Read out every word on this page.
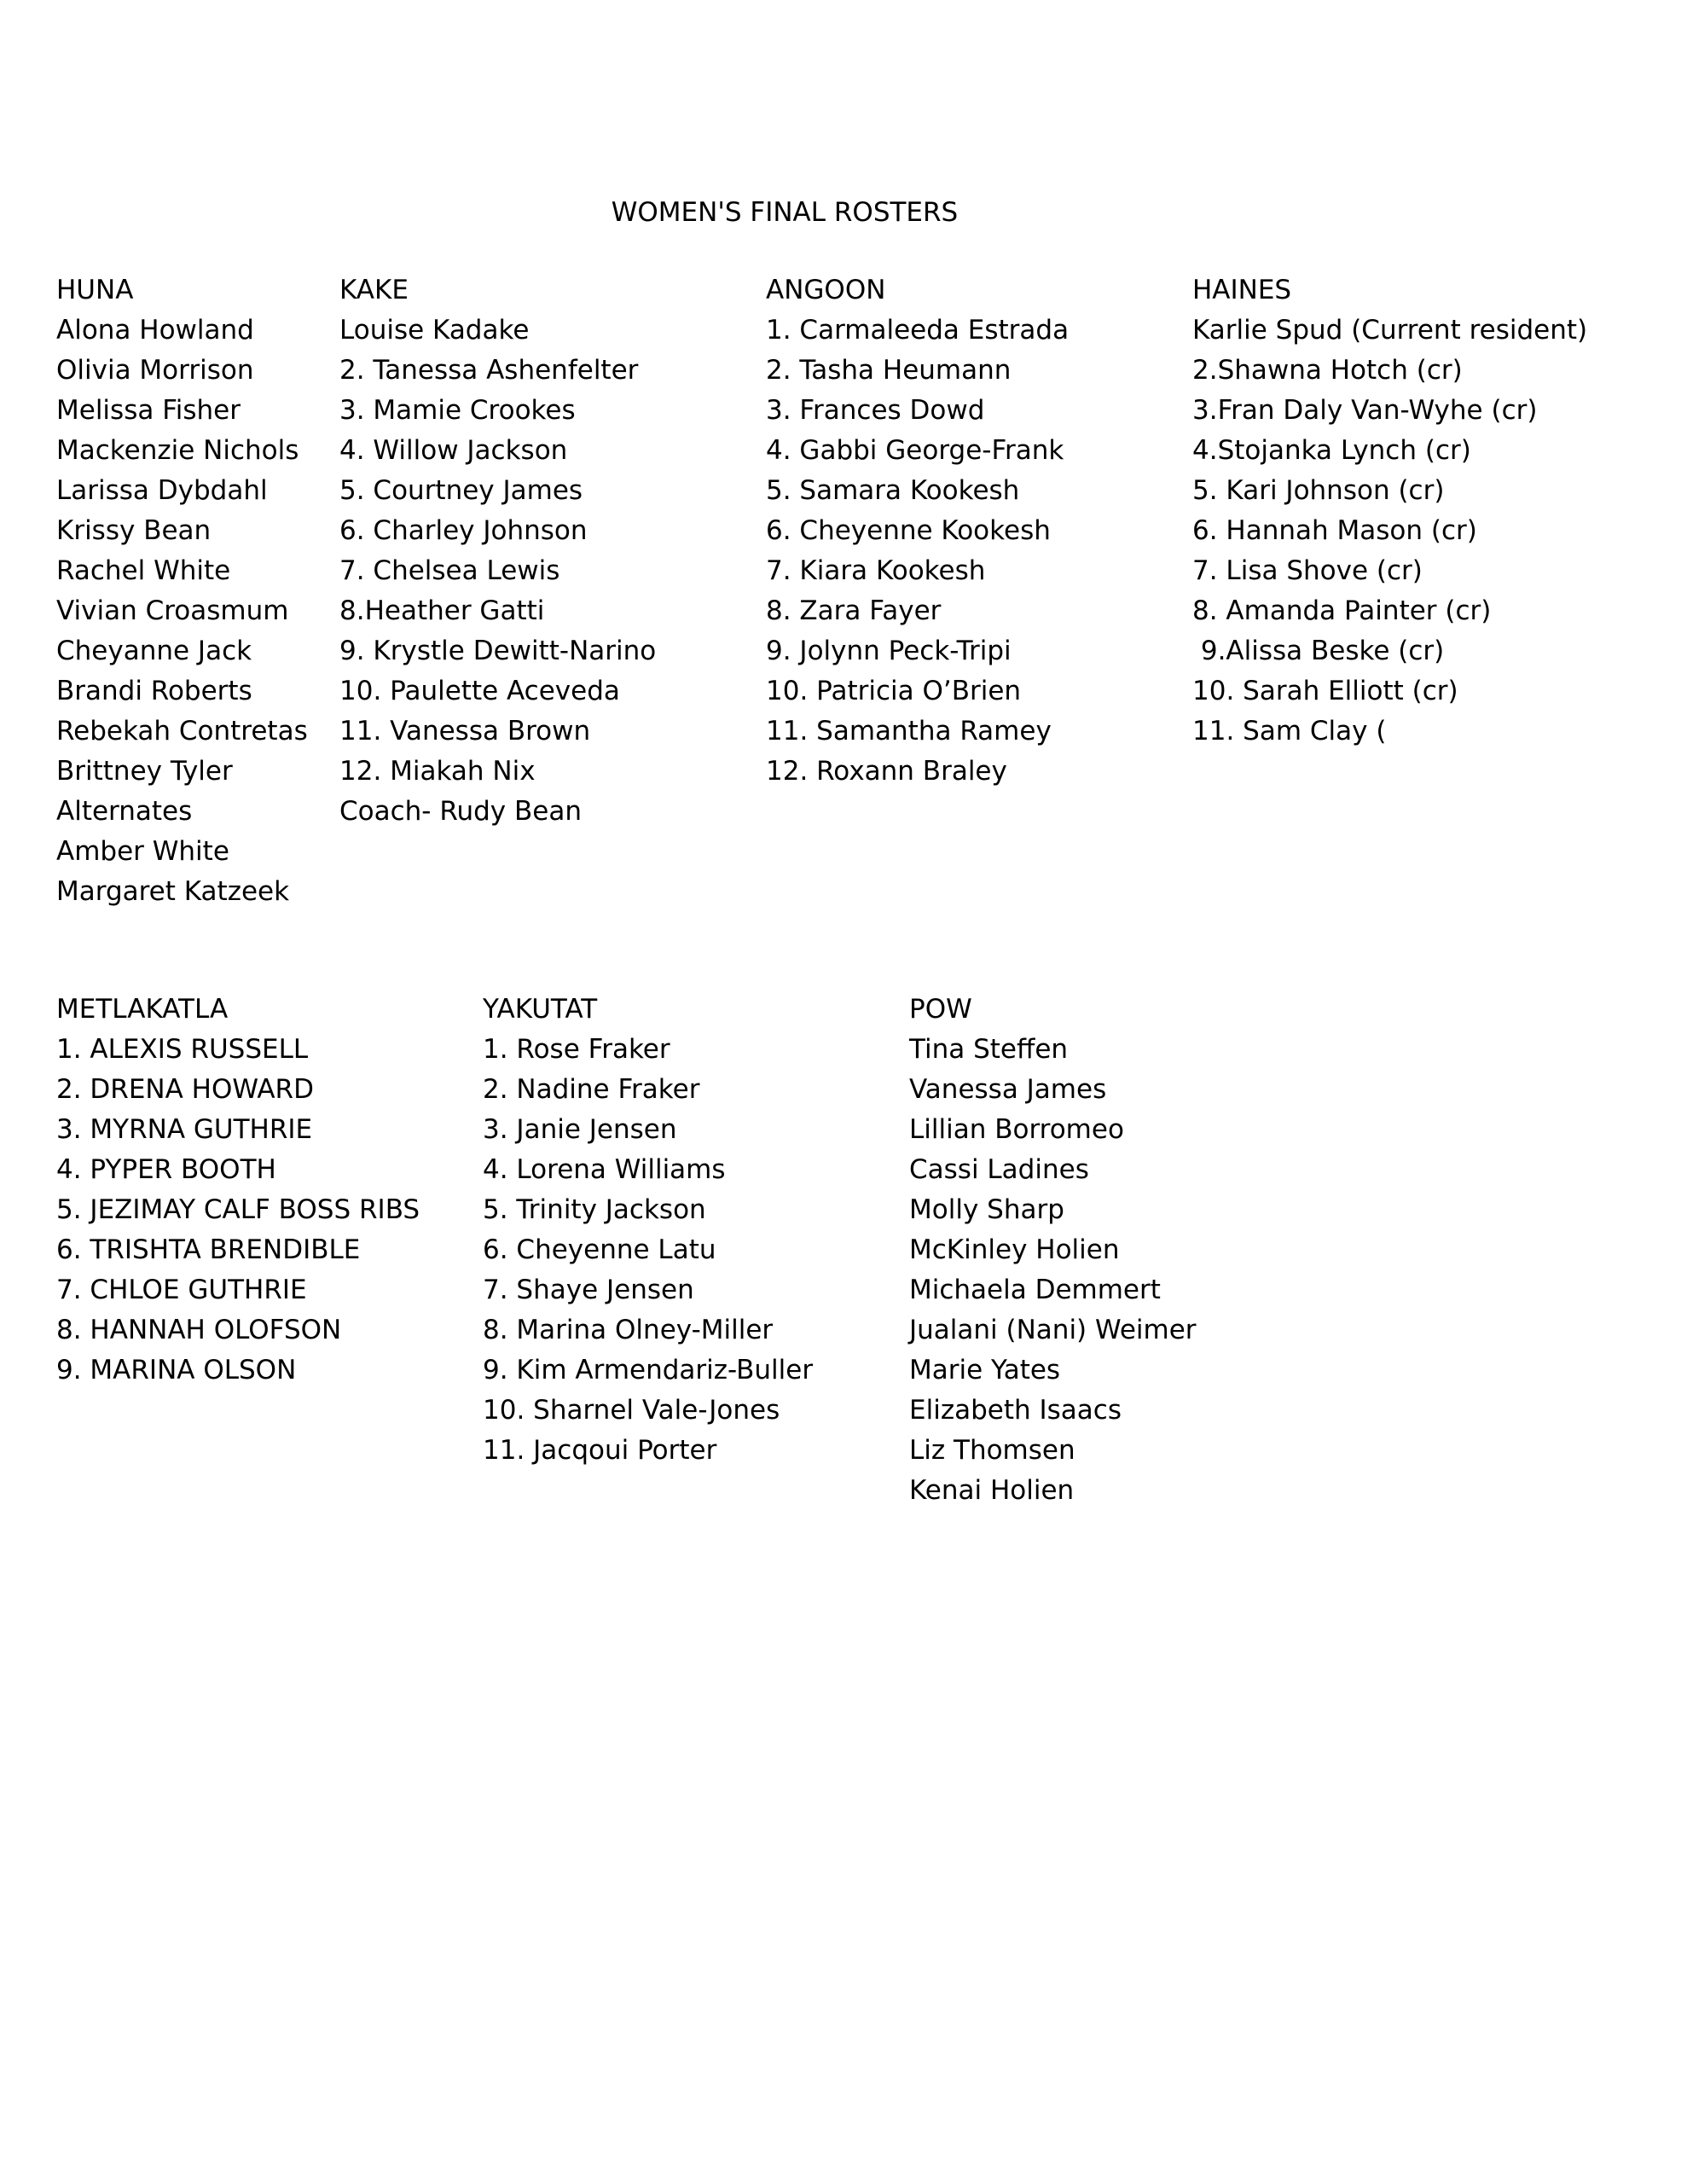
WOMEN'S FINAL ROSTERS
HUNA
Alona Howland
Olivia Morrison
Melissa Fisher
Mackenzie Nichols
Larissa Dybdahl
Krissy Bean
Rachel White
Vivian Croasmum
Cheyanne Jack
Brandi Roberts
Rebekah Contretas
Brittney Tyler
Alternates
Amber White
Margaret Katzeek
KAKE
Louise Kadake
2. Tanessa Ashenfelter
3. Mamie Crookes
4. Willow Jackson
5. Courtney James
6. Charley Johnson
7. Chelsea Lewis
8.Heather Gatti
9. Krystle Dewitt-Narino
10. Paulette Aceveda
11. Vanessa Brown
12. Miakah Nix
Coach- Rudy Bean
ANGOON
1. Carmaleeda Estrada
2. Tasha Heumann
3. Frances Dowd
4. Gabbi George-Frank
5. Samara Kookesh
6. Cheyenne Kookesh
7. Kiara Kookesh
8. Zara Fayer
9. Jolynn Peck-Tripi
10. Patricia O’Brien
11. Samantha Ramey
12. Roxann Braley
HAINES
Karlie Spud (Current resident)
2.Shawna Hotch (cr)
3.Fran Daly Van-Wyhe (cr)
4.Stojanka Lynch (cr)
5. Kari Johnson (cr)
6. Hannah Mason (cr)
7. Lisa Shove (cr)
8. Amanda Painter (cr)
9.Alissa Beske (cr)
10. Sarah Elliott (cr)
11. Sam Clay (
METLAKATLA
1. ALEXIS RUSSELL
2. DRENA HOWARD
3. MYRNA GUTHRIE
4. PYPER BOOTH
5. JEZIMAY CALF BOSS RIBS
6. TRISHTA BRENDIBLE
7. CHLOE GUTHRIE
8. HANNAH OLOFSON
9. MARINA OLSON
YAKUTAT
1. Rose Fraker
2. Nadine Fraker
3. Janie Jensen
4. Lorena Williams
5. Trinity Jackson
6. Cheyenne Latu
7. Shaye Jensen
8. Marina Olney-Miller
9. Kim Armendariz-Buller
10. Sharnel Vale-Jones
11. Jacqoui Porter
POW
Tina Steffen
Vanessa James
Lillian Borromeo
Cassi Ladines
Molly Sharp
McKinley Holien
Michaela Demmert
Jualani (Nani) Weimer
Marie Yates
Elizabeth Isaacs
Liz Thomsen
Kenai Holien
